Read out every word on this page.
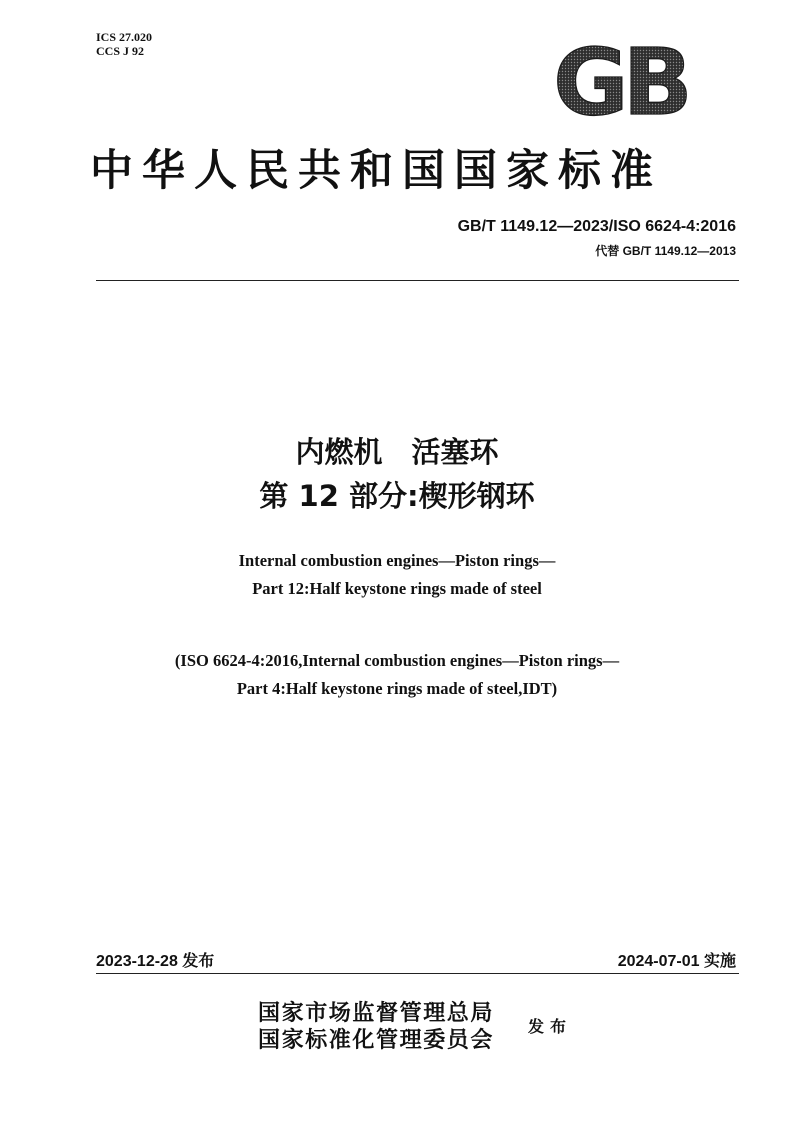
ICS 27.020
CCS J 92	GB
中华人民共和国国家标准
GB/T 1149.12—2023/ISO 6624-4:2016
代替 GB/T 1149.12—2013
内燃机　活塞环
第 12 部分:楔形钢环
Internal combustion engines—Piston rings—
Part 12:Half keystone rings made of steel
(ISO 6624-4:2016,Internal combustion engines—Piston rings—
Part 4:Half keystone rings made of steel,IDT)
2023-12-28 发布	2024-07-01 实施
国家市场监督管理总局
国家标准化管理委员会
发布
